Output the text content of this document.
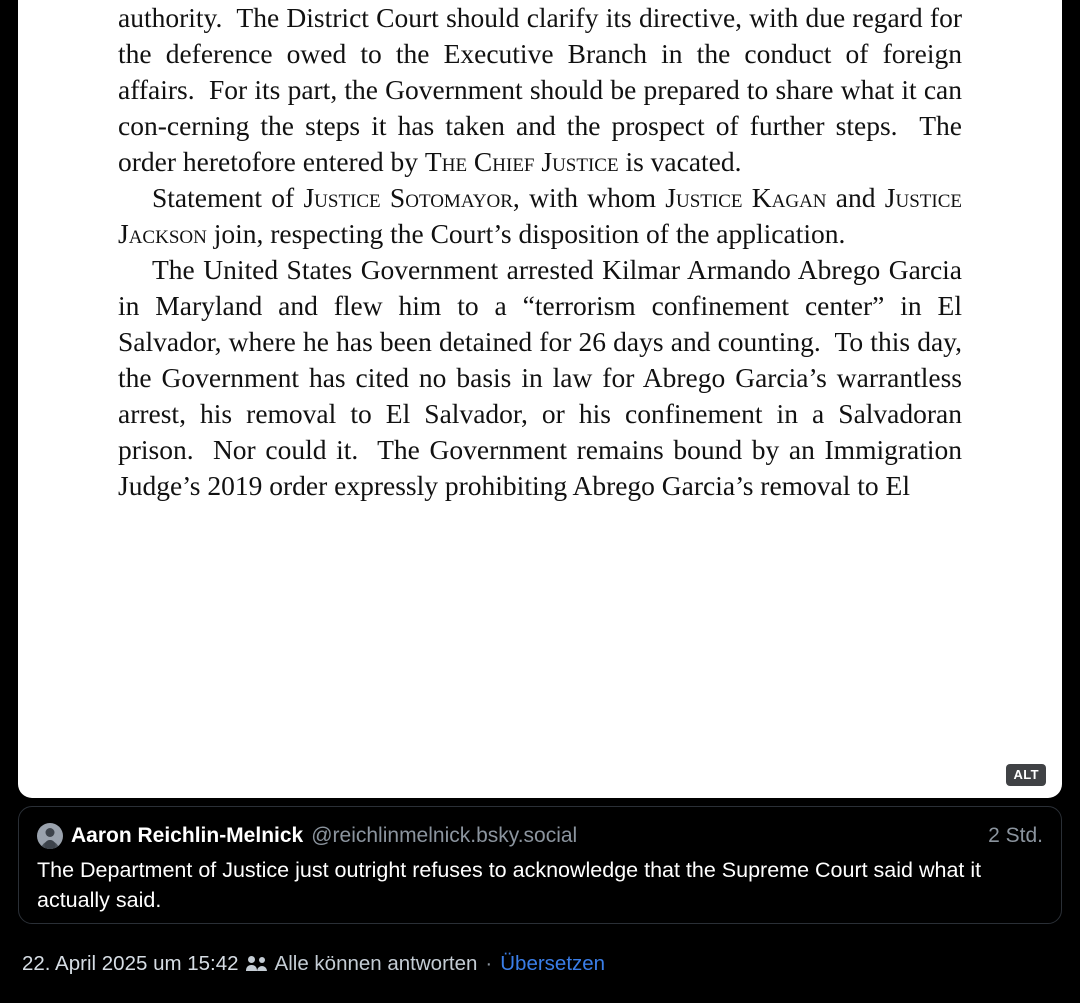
authority.  The District Court should clarify its directive, with due regard for the deference owed to the Executive Branch in the conduct of foreign affairs.  For its part, the Government should be prepared to share what it can con-cerning the steps it has taken and the prospect of further steps.  The order heretofore entered by The Chief Justice is vacated.

Statement of Justice Sotomayor, with whom Justice Kagan and Justice Jackson join, respecting the Court’s disposition of the application.

The United States Government arrested Kilmar Armando Abrego Garcia in Maryland and flew him to a “terrorism confinement center” in El Salvador, where he has been detained for 26 days and counting.  To this day, the Government has cited no basis in law for Abrego Garcia’s warrantless arrest, his removal to El Salvador, or his confinement in a Salvadoran prison.  Nor could it.  The Government remains bound by an Immigration Judge’s 2019 order expressly prohibiting Abrego Garcia’s removal to El

ALT
Aaron Reichlin-Melnick @reichlinmelnick.bsky.social	2 Std.
The Department of Justice just outright refuses to acknowledge that the Supreme Court said what it actually said.
22. April 2025 um 15:42 Alle können antworten · Übersetzen
